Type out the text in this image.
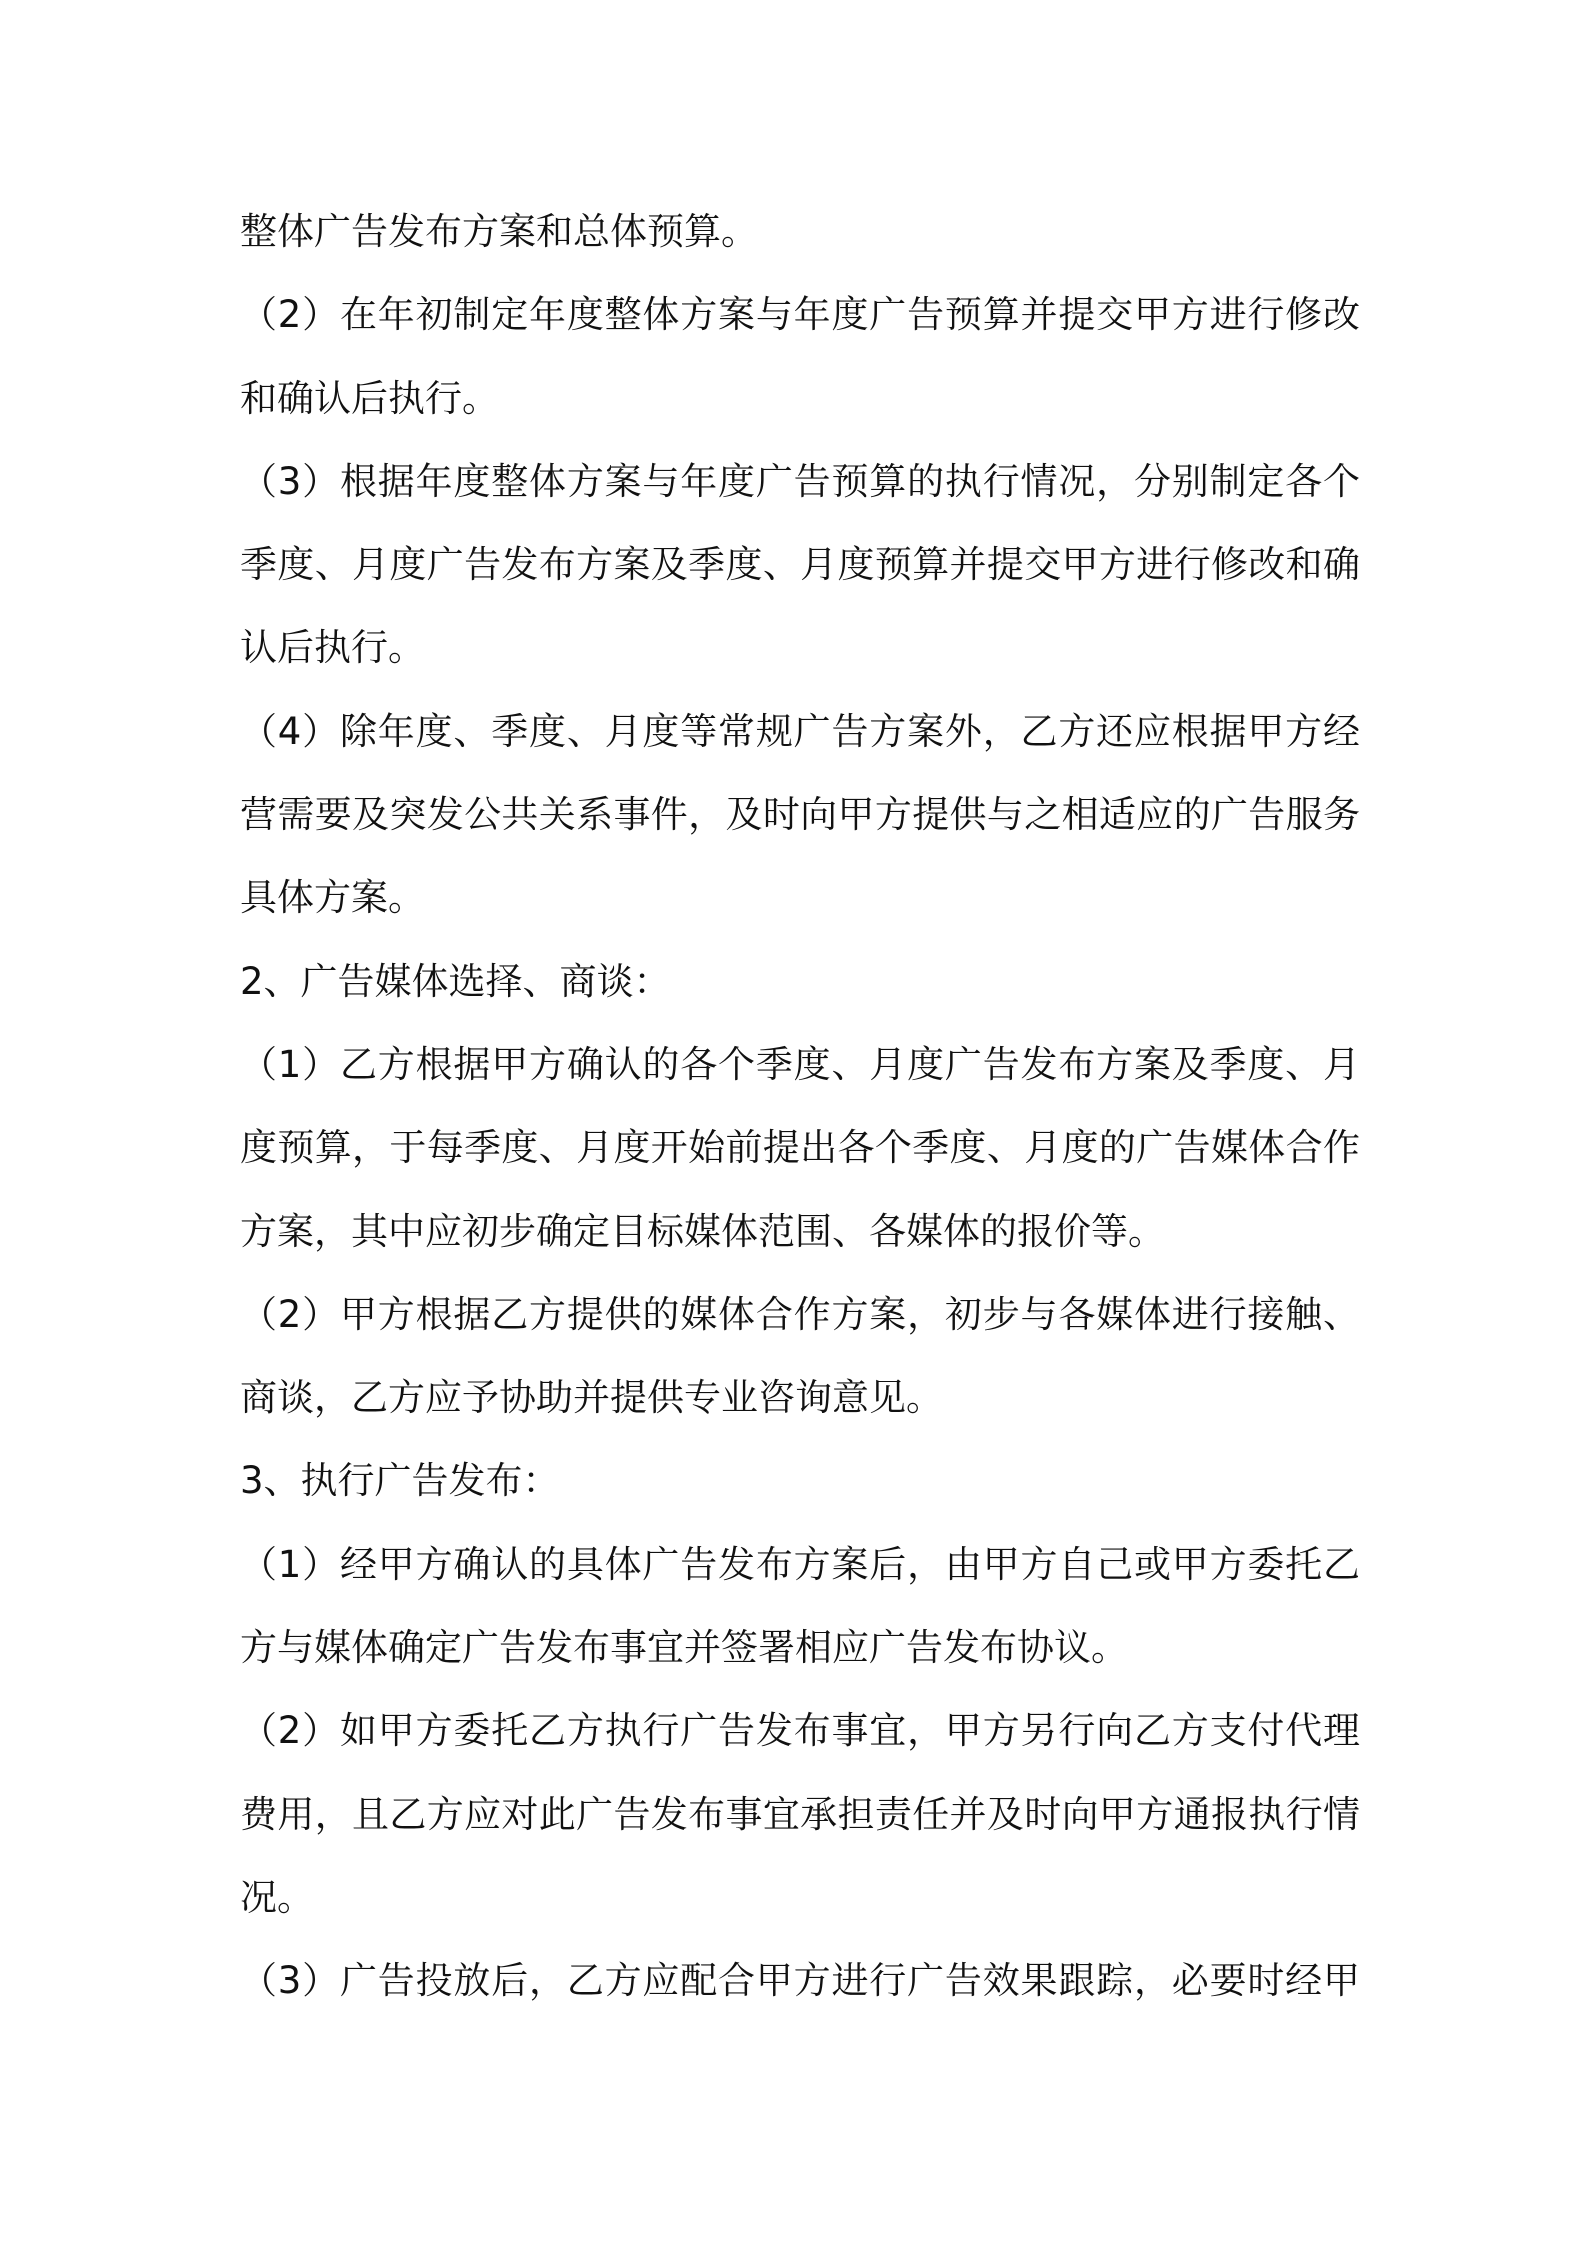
整体广告发布方案和总体预算。
（2）在年初制定年度整体方案与年度广告预算并提交甲方进行修改
和确认后执行。
（3）根据年度整体方案与年度广告预算的执行情况，分别制定各个
季度、月度广告发布方案及季度、月度预算并提交甲方进行修改和确
认后执行。
（4）除年度、季度、月度等常规广告方案外，乙方还应根据甲方经
营需要及突发公共关系事件，及时向甲方提供与之相适应的广告服务
具体方案。
2、广告媒体选择、商谈：
（1）乙方根据甲方确认的各个季度、月度广告发布方案及季度、月
度预算，于每季度、月度开始前提出各个季度、月度的广告媒体合作
方案，其中应初步确定目标媒体范围、各媒体的报价等。
（2）甲方根据乙方提供的媒体合作方案，初步与各媒体进行接触、
商谈，乙方应予协助并提供专业咨询意见。
3、执行广告发布：
（1）经甲方确认的具体广告发布方案后，由甲方自己或甲方委托乙
方与媒体确定广告发布事宜并签署相应广告发布协议。
（2）如甲方委托乙方执行广告发布事宜，甲方另行向乙方支付代理
费用，且乙方应对此广告发布事宜承担责任并及时向甲方通报执行情
况。
（3）广告投放后，乙方应配合甲方进行广告效果跟踪，必要时经甲
